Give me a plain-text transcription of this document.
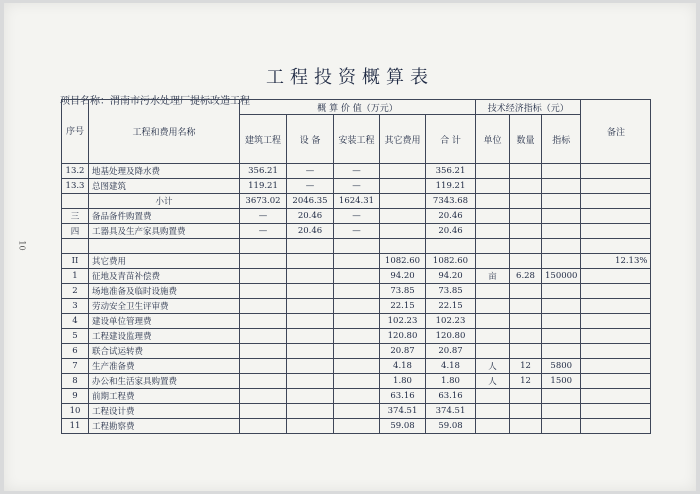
工程投资概算表
项目名称：渭南市污水处理厂提标改造工程
10
序号	工程和费用名称	概 算 价 值（万元）					技术经济指标（元）			备注
		建筑工程	设 备	安装工程	其它费用	合 计	单位	数量	指标	
13.2	地基处理及降水费	356.21	—	—		356.21				
13.3	总图建筑	119.21	—	—		119.21				
	小计	3673.02	2046.35	1624.31		7343.68				
三	备品备件购置费	—	20.46	—		20.46				
四	工器具及生产家具购置费	—	20.46	—		20.46				

II	其它费用				1082.60	1082.60				12.13%
1	征地及青苗补偿费				94.20	94.20	亩	6.28	150000	
2	场地准备及临时设施费				73.85	73.85				
3	劳动安全卫生评审费				22.15	22.15				
4	建设单位管理费				102.23	102.23				
5	工程建设监理费				120.80	120.80				
6	联合试运转费				20.87	20.87				
7	生产准备费				4.18	4.18	人	12	5800	
8	办公和生活家具购置费				1.80	1.80	人	12	1500	
9	前期工程费				63.16	63.16				
10	工程设计费				374.51	374.51				
11	工程勘察费				59.08	59.08				
